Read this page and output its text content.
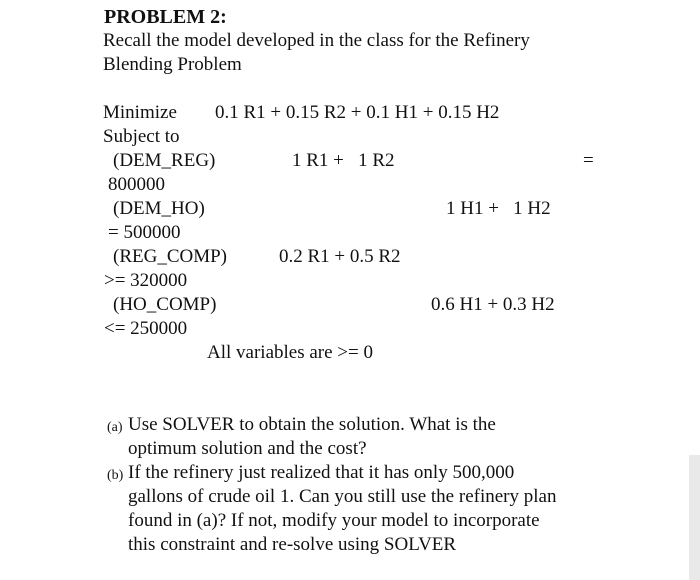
PROBLEM 2:
Recall the model developed in the class for the Refinery
Blending Problem
Minimize 0.1 R1 + 0.15 R2 + 0.1 H1 + 0.15 H2
Subject to
(DEM_REG)	1 R1 +   1 R2	=
800000
(DEM_HO)	1 H1 +   1 H2
= 500000
(REG_COMP)	0.2 R1 + 0.5 R2
>= 320000
(HO_COMP)	0.6 H1 + 0.3 H2
<= 250000
All variables are >= 0
(a) Use SOLVER to obtain the solution. What is the
optimum solution and the cost?
(b) If the refinery just realized that it has only 500,000
gallons of crude oil 1. Can you still use the refinery plan
found in (a)? If not, modify your model to incorporate
this constraint and re-solve using SOLVER
